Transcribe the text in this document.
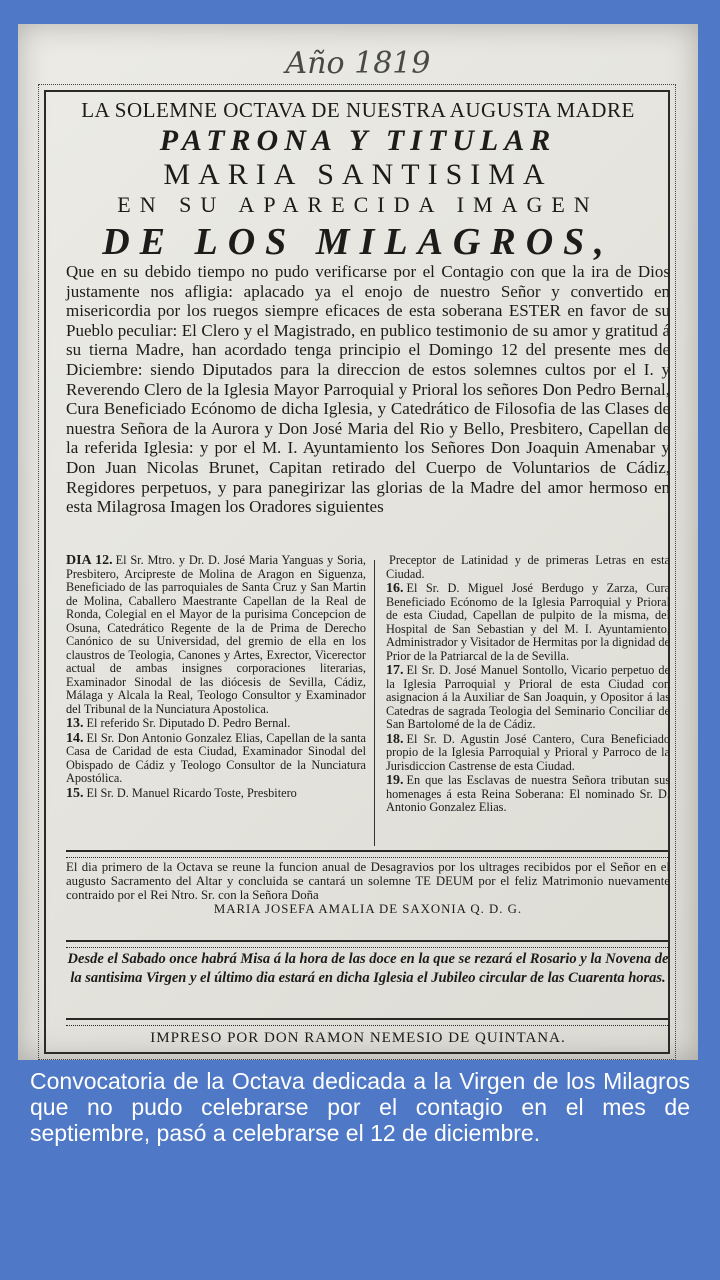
Año 1819
LA SOLEMNE OCTAVA DE NUESTRA AUGUSTA MADRE
PATRONA Y TITULAR
MARIA SANTISIMA
EN SU APARECIDA IMAGEN
DE LOS MILAGROS,

Que en su debido tiempo no pudo verificarse por el Contagio con que la ira de Dios justamente nos afligia: aplacado ya el enojo de nuestro Señor y convertido en misericordia por los ruegos siempre eficaces de esta soberana ESTER en favor de su Pueblo peculiar: El Clero y el Magistrado, en publico testimonio de su amor y gratitud á su tierna Madre, han acordado tenga principio el Domingo 12 del presente mes de Diciembre: siendo Diputados para la direccion de estos solemnes cultos por el I. y Reverendo Clero de la Iglesia Mayor Parroquial y Prioral los señores Don Pedro Bernal, Cura Beneficiado Ecónomo de dicha Iglesia, y Catedrático de Filosofia de las Clases de nuestra Señora de la Aurora y Don José Maria del Rio y Bello, Presbitero, Capellan de la referida Iglesia: y por el M. I. Ayuntamiento los Señores Don Joaquin Amenabar y Don Juan Nicolas Brunet, Capitan retirado del Cuerpo de Voluntarios de Cádiz, Regidores perpetuos, y para panegirizar las glorias de la Madre del amor hermoso en esta Milagrosa Imagen los Oradores siguientes

DIA 12. El Sr. Mtro. y Dr. D. José Maria Yanguas y Soria, Presbitero, Arcipreste de Molina de Aragon en Siguenza, Beneficiado de las parroquiales de Santa Cruz y San Martin de Molina, Caballero Maestrante Capellan de la Real de Ronda, Colegial en el Mayor de la purisima Concepcion de Osuna, Catedrático Regente de la de Prima de Derecho Canónico de su Universidad, del gremio de ella en los claustros de Teologia, Canones y Artes, Exrector, Vicerector actual de ambas insignes corporaciones literarias, Examinador Sinodal de las diócesis de Sevilla, Cádiz, Málaga y Alcala la Real, Teologo Consultor y Examinador del Tribunal de la Nunciatura Apostolica.
13. El referido Sr. Diputado D. Pedro Bernal.
14. El Sr. Don Antonio Gonzalez Elias, Capellan de la santa Casa de Caridad de esta Ciudad, Examinador Sinodal del Obispado de Cádiz y Teologo Consultor de la Nunciatura Apostólica.
15. El Sr. D. Manuel Ricardo Toste, Presbitero
Preceptor de Latinidad y de primeras Letras en esta Ciudad.
16. El Sr. D. Miguel José Berdugo y Zarza, Cura Beneficiado Ecónomo de la Iglesia Parroquial y Prioral de esta Ciudad, Capellan de pulpito de la misma, del Hospital de San Sebastian y del M. I. Ayuntamiento, Administrador y Visitador de Hermitas por la dignidad de Prior de la Patriarcal de la de Sevilla.
17. El Sr. D. José Manuel Sontollo, Vicario perpetuo de la Iglesia Parroquial y Prioral de esta Ciudad con asignacion á la Auxiliar de San Joaquin, y Opositor á las Catedras de sagrada Teologia del Seminario Conciliar de San Bartolomé de la de Cádiz.
18. El Sr. D. Agustin José Cantero, Cura Beneficiado propio de la Iglesia Parroquial y Prioral y Parroco de la Jurisdiccion Castrense de esta Ciudad.
19. En que las Esclavas de nuestra Señora tributan sus homenages á esta Reina Soberana: El nominado Sr. D. Antonio Gonzalez Elias.
El dia primero de la Octava se reune la funcion anual de Desagravios por los ultrages recibidos por el Señor en el augusto Sacramento del Altar y concluida se cantará un solemne TE DEUM por el feliz Matrimonio nuevamente contraido por el Rei Ntro. Sr. con la Señora Doña
MARIA JOSEFA AMALIA DE SAXONIA Q. D. G.
Desde el Sabado once habrá Misa á la hora de las doce en la que se rezará el Rosario y la Novena de la santisima Virgen y el último dia estará en dicha Iglesia el Jubileo circular de las Cuarenta horas.
IMPRESO POR DON RAMON NEMESIO DE QUINTANA.

Convocatoria de la Octava dedicada a la Virgen de los Milagros que no pudo celebrarse por el contagio en el mes de septiembre, pasó a celebrarse el 12 de diciembre.
